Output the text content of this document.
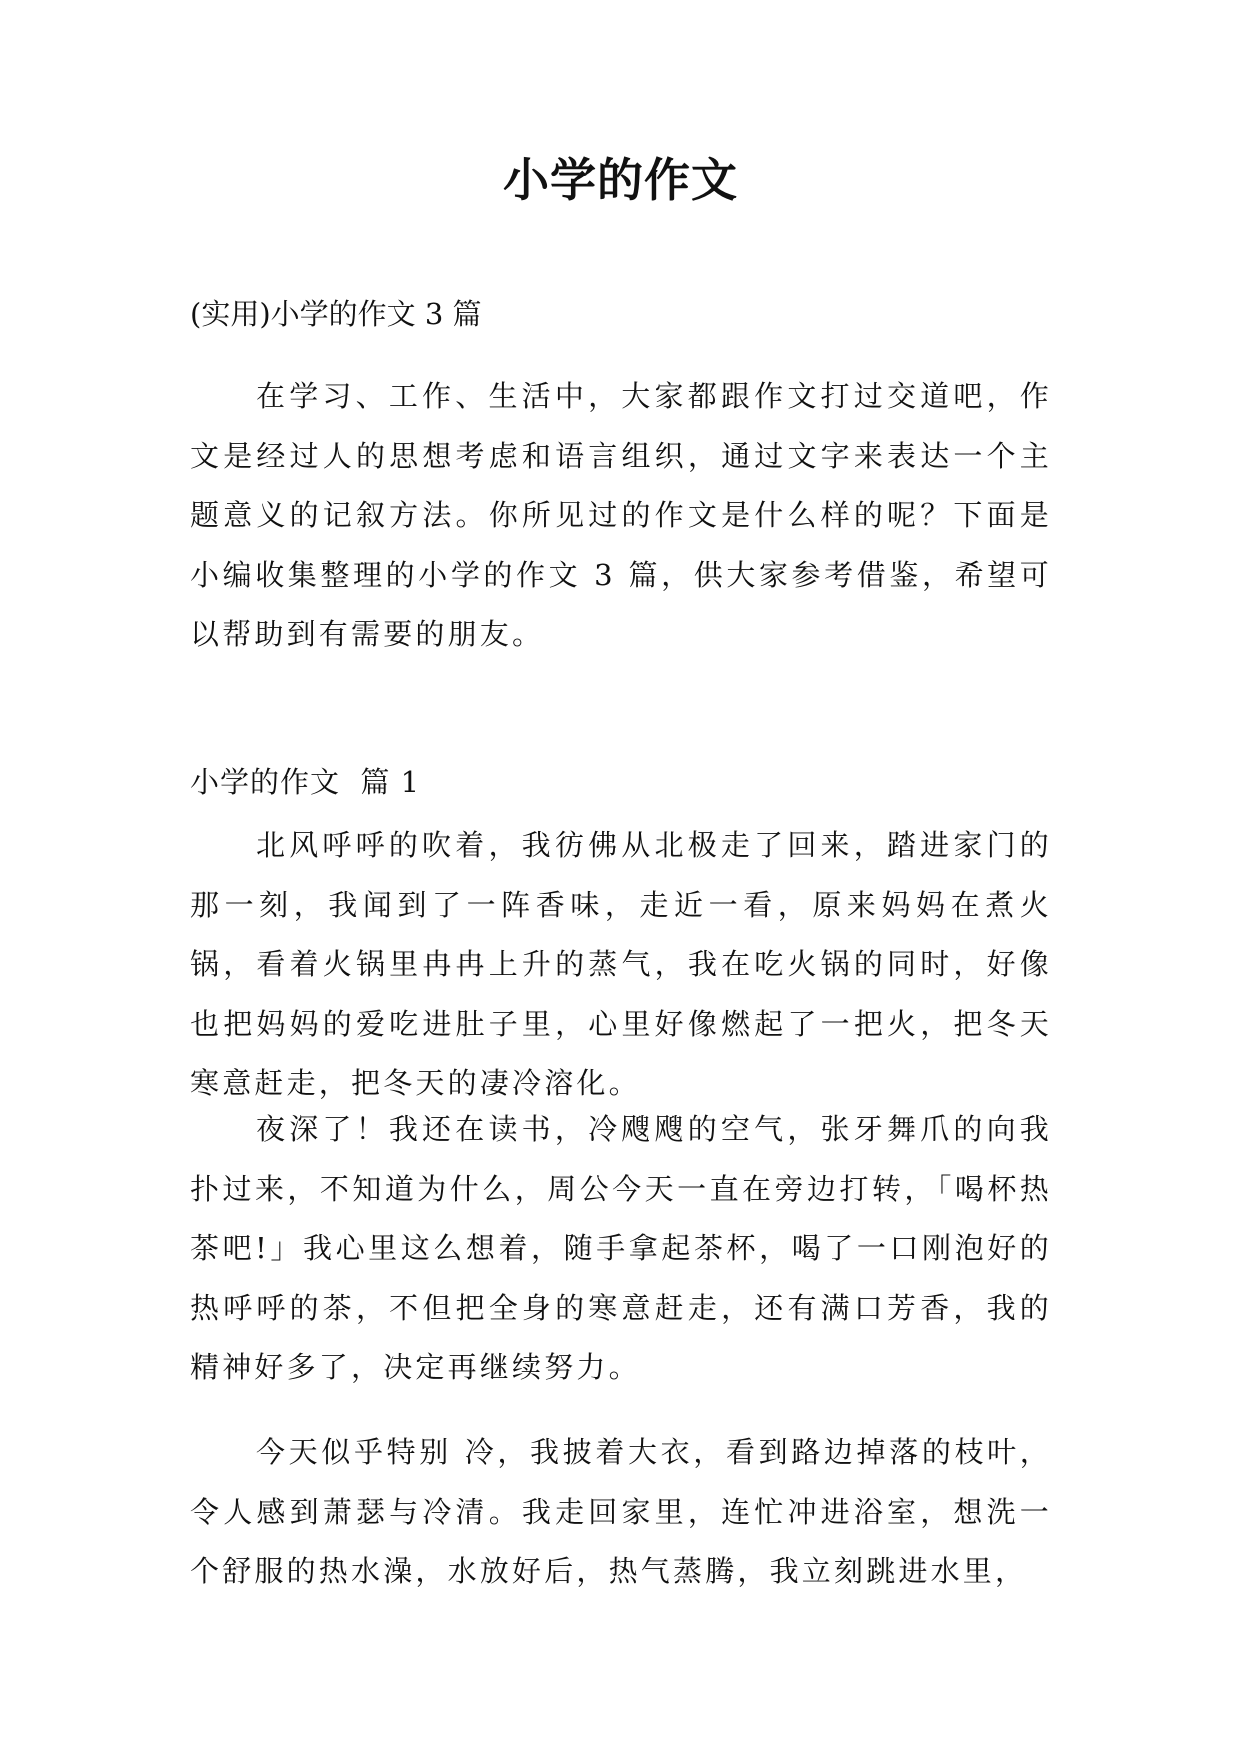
小学的作文

(实用)小学的作文 3 篇

在学习、工作、生活中，大家都跟作文打过交道吧，作文是经过人的思想考虑和语言组织，通过文字来表达一个主题意义的记叙方法。你所见过的作文是什么样的呢？下面是小编收集整理的小学的作文 3 篇，供大家参考借鉴，希望可以帮助到有需要的朋友。

小学的作文  篇 1

北风呼呼的吹着，我彷佛从北极走了回来，踏进家门的那一刻，我闻到了一阵香味，走近一看，原来妈妈在煮火锅，看着火锅里冉冉上升的蒸气，我在吃火锅的同时，好像也把妈妈的爱吃进肚子里，心里好像燃起了一把火，把冬天寒意赶走，把冬天的凄冷溶化。

夜深了！我还在读书，冷飕飕的空气，张牙舞爪的向我扑过来，不知道为什么，周公今天一直在旁边打转，「喝杯热茶吧!」我心里这么想着，随手拿起茶杯，喝了一口刚泡好的热呼呼的茶，不但把全身的寒意赶走，还有满口芳香，我的精神好多了，决定再继续努力。

今天似乎特别 冷，我披着大衣，看到路边掉落的枝叶，令人感到萧瑟与冷清。我走回家里，连忙冲进浴室，想洗一个舒服的热水澡，水放好后，热气蒸腾，我立刻跳进水里，
